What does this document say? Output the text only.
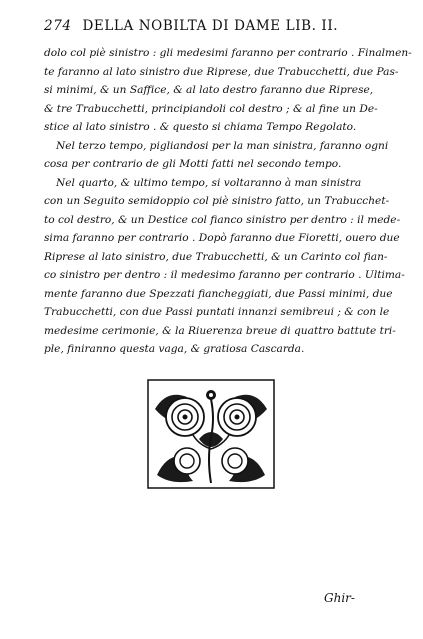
274 DELLA NOBILTA DI DAME LIB. II.
dolo col piè sinistro : gli medesimi faranno per contrario . Finalmen-
te faranno al lato sinistro due Riprese, due Trabucchetti, due Pas-
si minimi, & un Saffice, & al lato destro faranno due Riprese,
& tre Trabucchetti, principiandoli col destro ; & al fine un De-
stice al lato sinistro . & questo si chiama Tempo Regolato.
Nel terzo tempo, pigliandosi per la man sinistra, faranno ogni
cosa per contrario de gli Motti fatti nel secondo tempo.
Nel quarto, & ultimo tempo, si voltaranno à man sinistra
con un Seguito semidoppio col piè sinistro fatto, un Trabucchet-
to col destro, & un Destice col fianco sinistro per dentro : il mede-
sima faranno per contrario . Dopò faranno due Fioretti, ouero due
Riprese al lato sinistro, due Trabucchetti, & un Carinto col fian-
co sinistro per dentro : il medesimo faranno per contrario . Ultima-
mente faranno due Spezzati fiancheggiati, due Passi minimi, due
Trabucchetti, con due Passi puntati innanzi semibreui ; & con le
medesime cerimonie, & la Riuerenza breue di quattro battute tri-
ple, finiranno questa vaga, & gratiosa Cascarda.
Ghir-
